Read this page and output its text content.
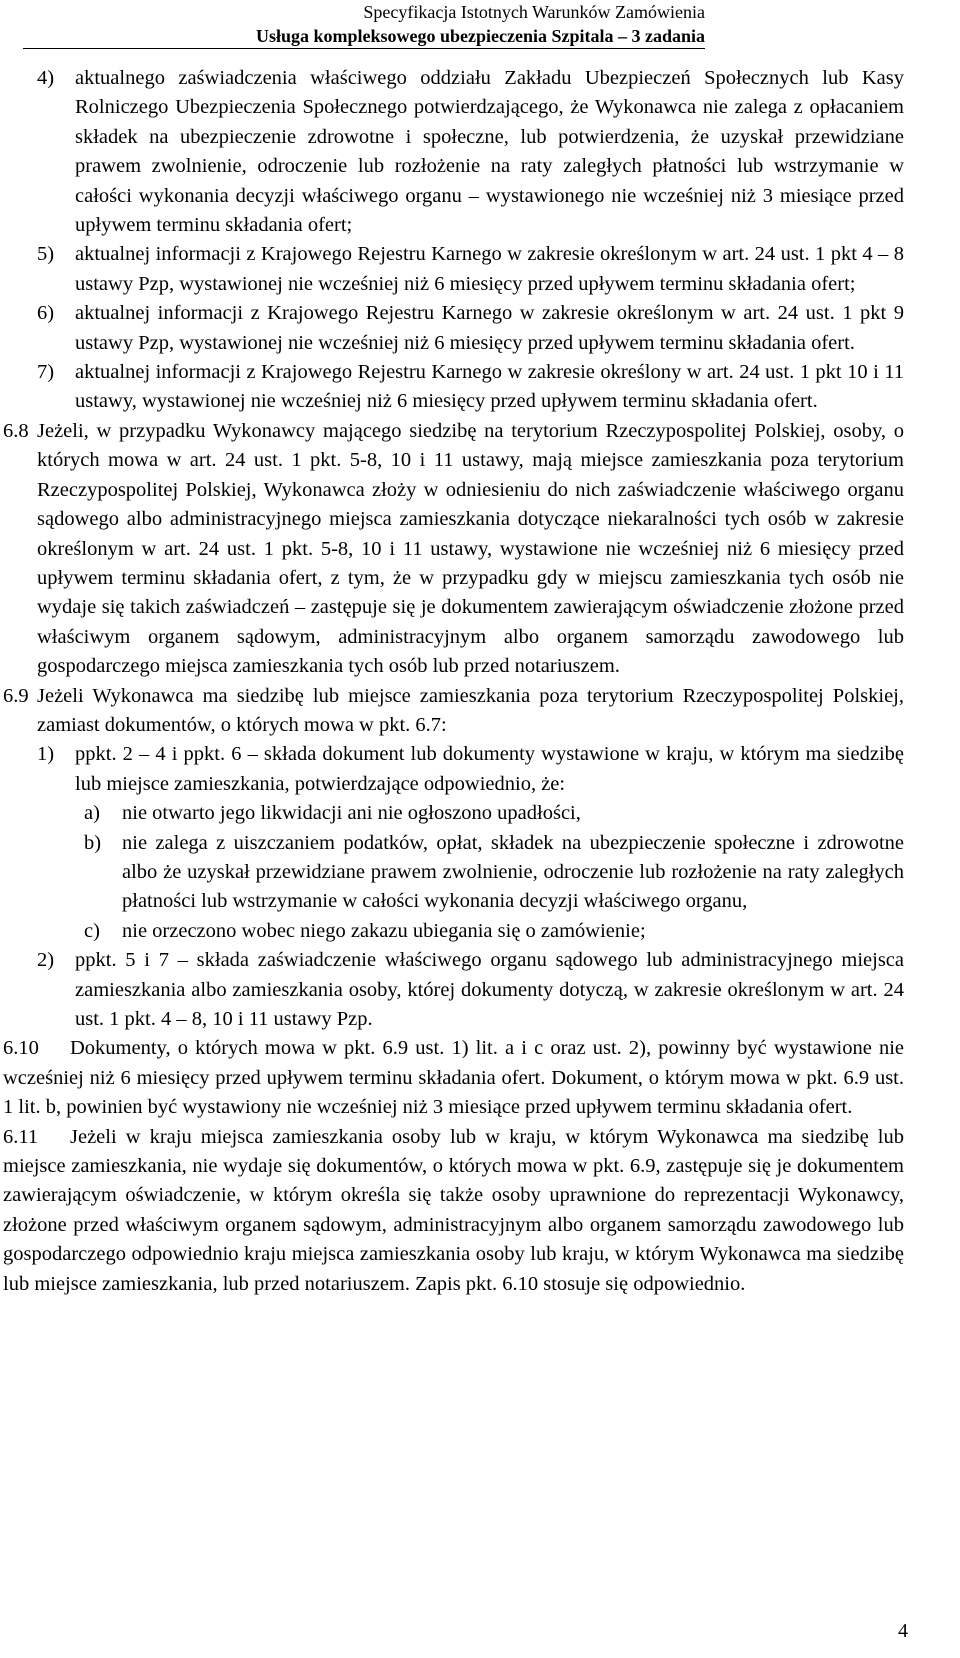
Specyfikacja Istotnych Warunków Zamówienia
Usługa kompleksowego ubezpieczenia Szpitala – 3 zadania
4) aktualnego zaświadczenia właściwego oddziału Zakładu Ubezpieczeń Społecznych lub Kasy Rolniczego Ubezpieczenia Społecznego potwierdzającego, że Wykonawca nie zalega z opłacaniem składek na ubezpieczenie zdrowotne i społeczne, lub potwierdzenia, że uzyskał przewidziane prawem zwolnienie, odroczenie lub rozłożenie na raty zaległych płatności lub wstrzymanie w całości wykonania decyzji właściwego organu – wystawionego nie wcześniej niż 3 miesiące przed upływem terminu składania ofert;
5) aktualnej informacji z Krajowego Rejestru Karnego w zakresie określonym w art. 24 ust. 1 pkt 4 – 8 ustawy Pzp, wystawionej nie wcześniej niż 6 miesięcy przed upływem terminu składania ofert;
6) aktualnej informacji z Krajowego Rejestru Karnego w zakresie określonym w art. 24 ust. 1 pkt 9 ustawy Pzp, wystawionej nie wcześniej niż 6 miesięcy przed upływem terminu składania ofert.
7) aktualnej informacji z Krajowego Rejestru Karnego w zakresie określony w art. 24 ust. 1 pkt 10 i 11 ustawy, wystawionej nie wcześniej niż 6 miesięcy przed upływem terminu składania ofert.
6.8 Jeżeli, w przypadku Wykonawcy mającego siedzibę na terytorium Rzeczypospolitej Polskiej, osoby, o których mowa w art. 24 ust. 1 pkt. 5-8, 10 i 11 ustawy, mają miejsce zamieszkania poza terytorium Rzeczypospolitej Polskiej, Wykonawca złoży w odniesieniu do nich zaświadczenie właściwego organu sądowego albo administracyjnego miejsca zamieszkania dotyczące niekaralności tych osób w zakresie określonym w art. 24 ust. 1 pkt. 5-8, 10 i 11 ustawy, wystawione nie wcześniej niż 6 miesięcy przed upływem terminu składania ofert, z tym, że w przypadku gdy w miejscu zamieszkania tych osób nie wydaje się takich zaświadczeń – zastępuje się je dokumentem zawierającym oświadczenie złożone przed właściwym organem sądowym, administracyjnym albo organem samorządu zawodowego lub gospodarczego miejsca zamieszkania tych osób lub przed notariuszem.
6.9 Jeżeli Wykonawca ma siedzibę lub miejsce zamieszkania poza terytorium Rzeczypospolitej Polskiej, zamiast dokumentów, o których mowa w pkt. 6.7:
1) ppkt. 2 – 4 i ppkt. 6 – składa dokument lub dokumenty wystawione w kraju, w którym ma siedzibę lub miejsce zamieszkania, potwierdzające odpowiednio, że:
a) nie otwarto jego likwidacji ani nie ogłoszono upadłości,
b) nie zalega z uiszczaniem podatków, opłat, składek na ubezpieczenie społeczne i zdrowotne albo że uzyskał przewidziane prawem zwolnienie, odroczenie lub rozłożenie na raty zaległych płatności lub wstrzymanie w całości wykonania decyzji właściwego organu,
c) nie orzeczono wobec niego zakazu ubiegania się o zamówienie;
2) ppkt. 5 i 7 – składa zaświadczenie właściwego organu sądowego lub administracyjnego miejsca zamieszkania albo zamieszkania osoby, której dokumenty dotyczą, w zakresie określonym w art. 24 ust. 1 pkt. 4 – 8, 10 i 11 ustawy Pzp.
6.10 Dokumenty, o których mowa w pkt. 6.9 ust. 1) lit. a i c oraz ust. 2), powinny być wystawione nie wcześniej niż 6 miesięcy przed upływem terminu składania ofert. Dokument, o którym mowa w pkt. 6.9 ust. 1 lit. b, powinien być wystawiony nie wcześniej niż 3 miesiące przed upływem terminu składania ofert.
6.11 Jeżeli w kraju miejsca zamieszkania osoby lub w kraju, w którym Wykonawca ma siedzibę lub miejsce zamieszkania, nie wydaje się dokumentów, o których mowa w pkt. 6.9, zastępuje się je dokumentem zawierającym oświadczenie, w którym określa się także osoby uprawnione do reprezentacji Wykonawcy, złożone przed właściwym organem sądowym, administracyjnym albo organem samorządu zawodowego lub gospodarczego odpowiednio kraju miejsca zamieszkania osoby lub kraju, w którym Wykonawca ma siedzibę lub miejsce zamieszkania, lub przed notariuszem. Zapis pkt. 6.10 stosuje się odpowiednio.
4
